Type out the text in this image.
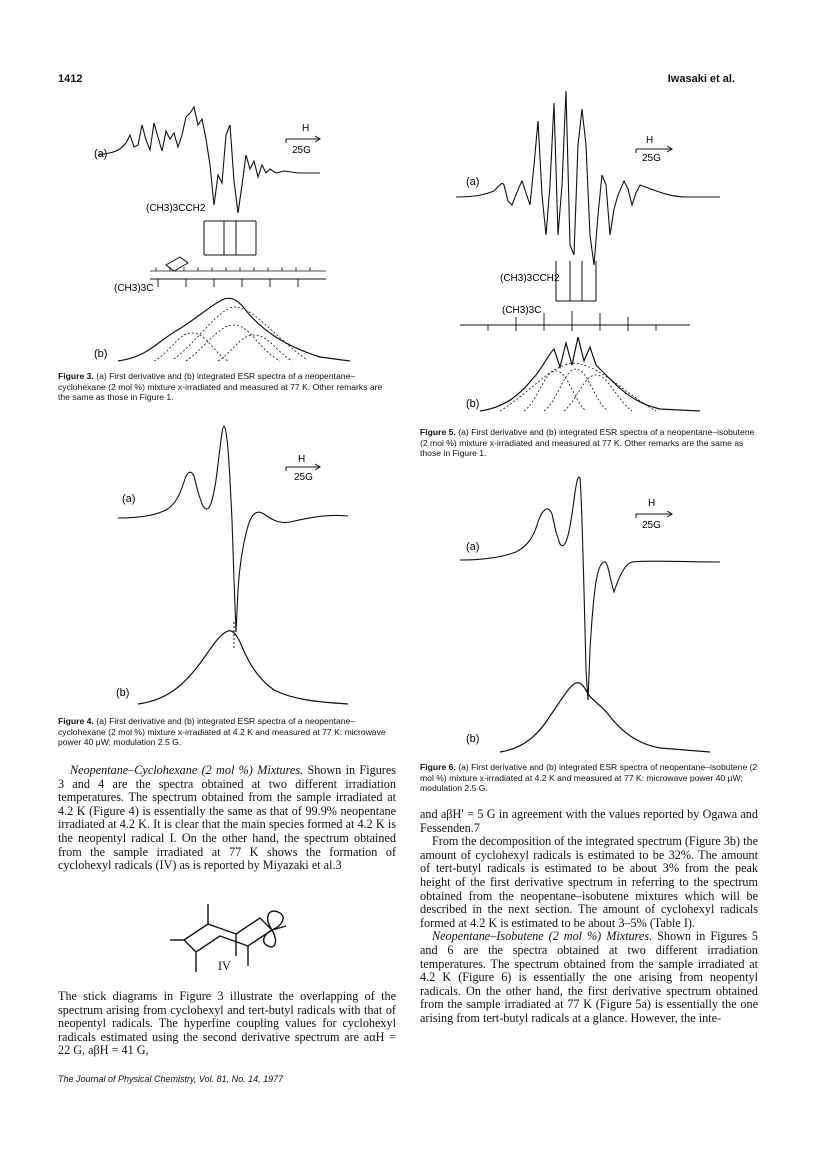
1412	Iwasaki et al.
(a)
H
25G
(CH3)3CCH2
(CH3)3C
(b)
Figure 3. (a) First derivative and (b) integrated ESR spectra of a neopentane–cyclohexane (2 mol %) mixture x-irradiated and measured at 77 K. Other remarks are the same as those in Figure 1.
(a)
H
25G
(b)
Figure 4. (a) First derivative and (b) integrated ESR spectra of a neopentane–cyclohexane (2 mol %) mixture x-irradiated at 4.2 K and measured at 77 K: microwave power 40 μW; modulation 2.5 G.

Neopentane–Cyclohexane (2 mol %) Mixtures. Shown in Figures 3 and 4 are the spectra obtained at two different irradiation temperatures. The spectrum obtained from the sample irradiated at 4.2 K (Figure 4) is essentially the same as that of 99.9% neopentane irradiated at 4.2 K. It is clear that the main species formed at 4.2 K is the neopentyl radical I. On the other hand, the spectrum obtained from the sample irradiated at 77 K shows the formation of cyclohexyl radicals (IV) as is reported by Miyazaki et al.3

IV

The stick diagrams in Figure 3 illustrate the overlapping of the spectrum arising from cyclohexyl and tert-butyl radicals with that of neopentyl radicals. The hyperfine coupling values for cyclohexyl radicals estimated using the second derivative spectrum are aαH = 22 G, aβH = 41 G,

(a)
H
25G
(CH3)3CCH2
(CH3)3C
(b)
Figure 5. (a) First derivative and (b) integrated ESR spectra of a neopentane–isobutene (2 mol %) mixture x-irradiated and measured at 77 K. Other remarks are the same as those in Figure 1.
(a)
H
25G
(b)
Figure 6. (a) First derivative and (b) integrated ESR spectra of neopentane–isobutene (2 mol %) mixture x-irradiated at 4.2 K and measured at 77 K: microwave power 40 μW; modulation 2.5 G.

and aβH′ = 5 G in agreement with the values reported by Ogawa and Fessenden.7

From the decomposition of the integrated spectrum (Figure 3b) the amount of cyclohexyl radicals is estimated to be 32%. The amount of tert-butyl radicals is estimated to be about 3% from the peak height of the first derivative spectrum in referring to the spectrum obtained from the neopentane–isobutene mixtures which will be described in the next section. The amount of cyclohexyl radicals formed at 4.2 K is estimated to be about 3–5% (Table I).

Neopentane–Isobutene (2 mol %) Mixtures. Shown in Figures 5 and 6 are the spectra obtained at two different irradiation temperatures. The spectrum obtained from the sample irradiated at 4.2 K (Figure 6) is essentially the one arising from neopentyl radicals. On the other hand, the first derivative spectrum obtained from the sample irradiated at 77 K (Figure 5a) is essentially the one arising from tert-butyl radicals at a glance. However, the inte-

The Journal of Physical Chemistry, Vol. 81, No. 14, 1977
